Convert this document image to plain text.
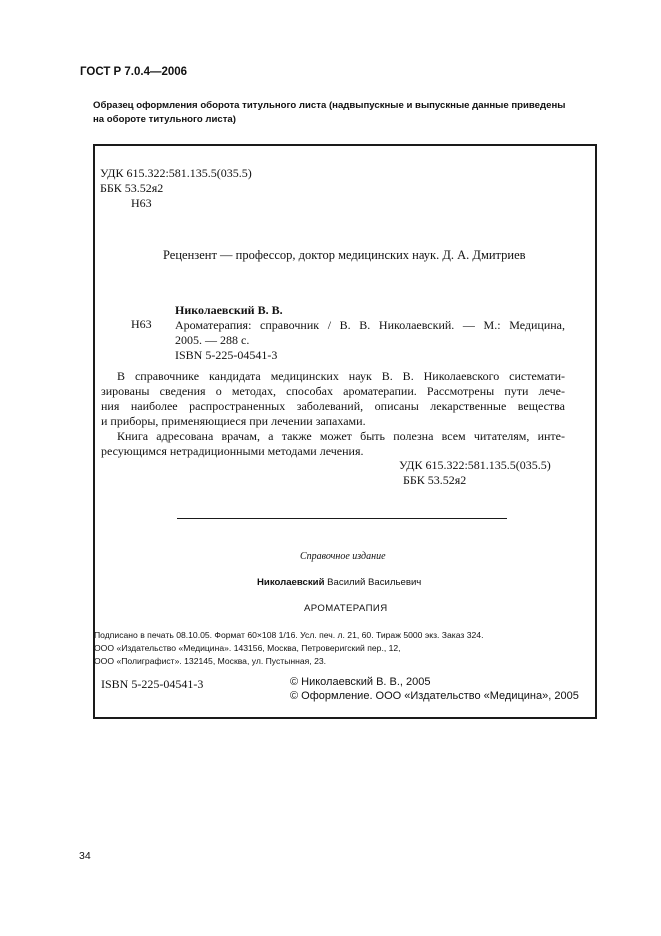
ГОСТ Р 7.0.4—2006
Образец оформления оборота титульного листа (надвыпускные и выпускные данные приведены на обороте титульного листа)
УДК 615.322:581.135.5(035.5)
ББК 53.52я2
Н63
Рецензент — профессор, доктор медицинских наук. Д. А. Дмитриев
Н63
Николаевский В. В.
Ароматерапия: справочник / В. В. Николаевский. — М.: Медицина,
2005. — 288 с.
ISBN 5-225-04541-3
В справочнике кандидата медицинских наук В. В. Николаевского системати-
зированы сведения о методах, способах ароматерапии. Рассмотрены пути лече-
ния наиболее распространенных заболеваний, описаны лекарственные вещества
и приборы, применяющиеся при лечении запахами.
Книга адресована врачам, а также может быть полезна всем читателям, инте-
ресующимся нетрадиционными методами лечения.
УДК 615.322:581.135.5(035.5)
ББК 53.52я2
Справочное издание
Николаевский Василий Васильевич
АРОМАТЕРАПИЯ
Подписано в печать 08.10.05. Формат 60×108 1/16. Усл. печ. л. 21, 60. Тираж 5000 экз. Заказ 324.
ООО «Издательство «Медицина». 143156, Москва, Петроверигский пер., 12,
ООО «Полиграфист». 132145, Москва, ул. Пустынная, 23.
ISBN 5-225-04541-3	© Николаевский В. В., 2005
© Оформление. ООО «Издательство «Медицина», 2005
34
